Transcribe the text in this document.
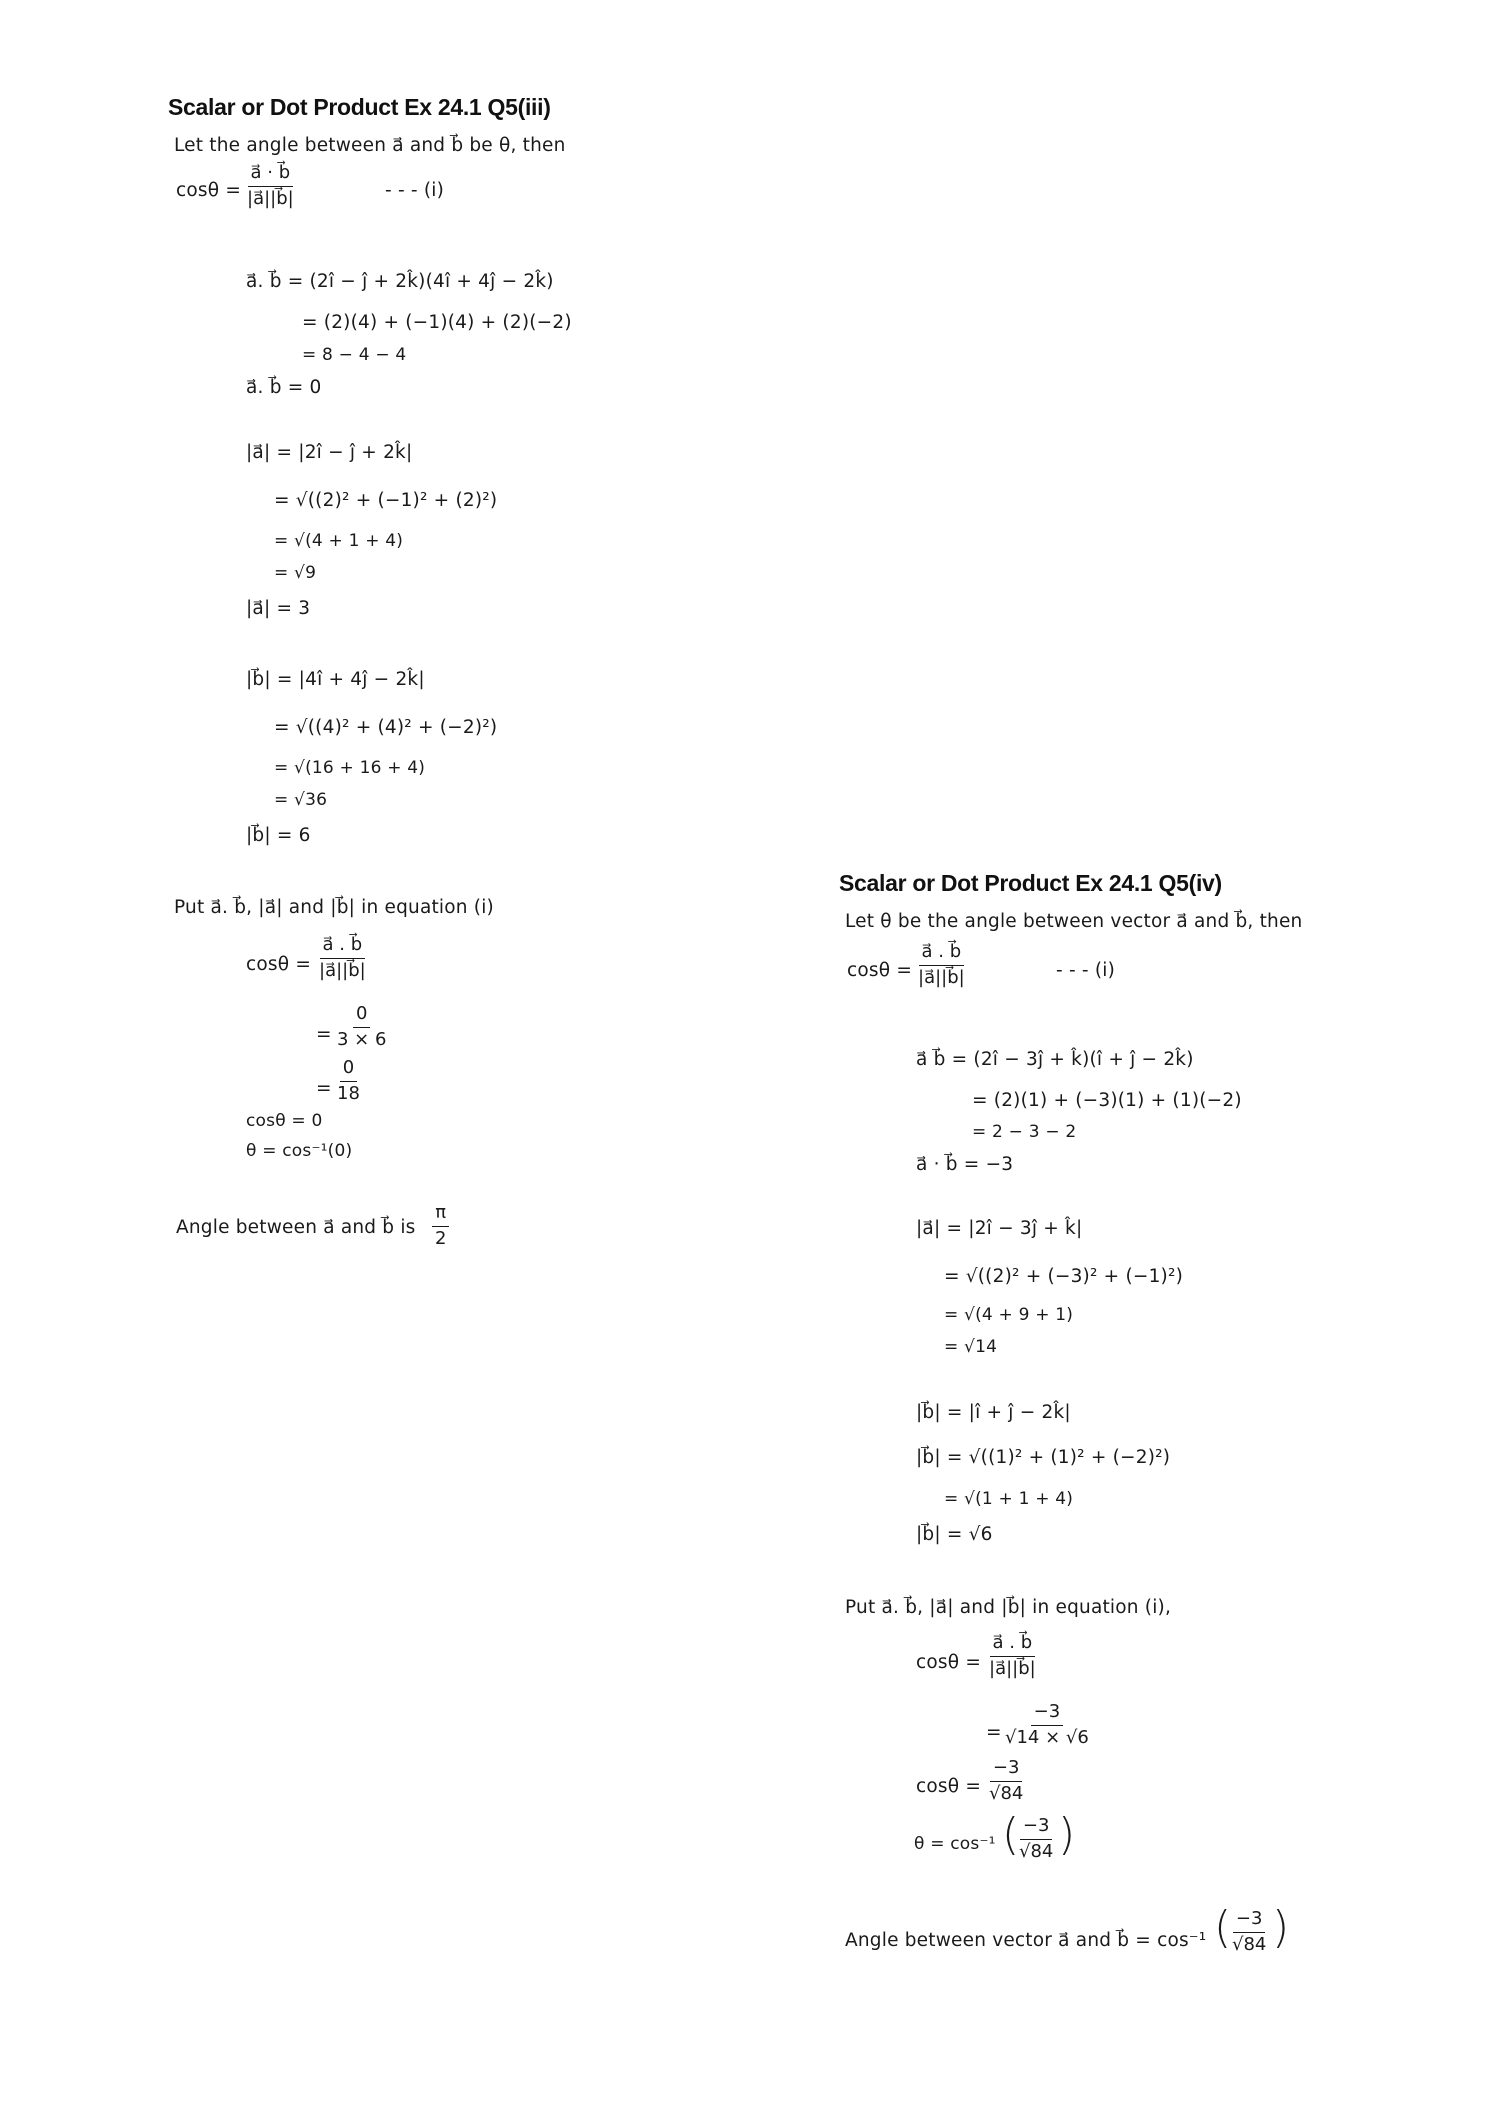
Scalar or Dot Product Ex 24.1 Q5(iii)
Let the angle between a⃗ and b⃗ be θ, then
$\cos\theta = \frac{a⃗ \cdot b⃗}{|a⃗||b⃗|}$	- - - (i)
a⃗. b⃗ = (2î − ĵ + 2k̂)(4î + 4ĵ − 2k̂)
= (2)(4) + (−1)(4) + (2)(−2)
= 8 − 4 − 4
a⃗. b⃗ = 0
|a⃗| = |2î − ĵ + 2k̂|
= √((2)² + (−1)² + (2)²)
= √(4 + 1 + 4)
= √9
|a⃗| = 3
|b⃗| = |4î + 4ĵ − 2k̂|
= √((4)² + (4)² + (−2)²)
= √(16 + 16 + 4)
= √36
|b⃗| = 6
Put a⃗. b⃗, |a⃗| and |b⃗| in equation (i)
$\cos\theta = \frac{a⃗ . b⃗}{|a⃗||b⃗|}$
= $\frac{0}{3 \times 6}$
= $\frac{0}{18}$
cosθ = 0
θ = cos⁻¹(0)
Angle between a⃗ and b⃗ is $\frac{\pi}{2}$
Scalar or Dot Product Ex 24.1 Q5(iv)
Let θ be the angle between vector a⃗ and b⃗, then
$\cos\theta = \frac{a⃗ . b⃗}{|a⃗||b⃗|}$	- - - (i)
a⃗ b⃗ = (2î − 3ĵ + k̂)(î + ĵ − 2k̂)
= (2)(1) + (−3)(1) + (1)(−2)
= 2 − 3 − 2
a⃗ · b⃗ = −3
|a⃗| = |2î − 3ĵ + k̂|
= √((2)² + (−3)² + (−1)²)
= √(4 + 9 + 1)
= √14
|b⃗| = |î + ĵ − 2k̂|
|b⃗| = √((1)² + (1)² + (−2)²)
= √(1 + 1 + 4)
|b⃗| = √6
Put a⃗. b⃗, |a⃗| and |b⃗| in equation (i),
$\cos\theta = \frac{a⃗ . b⃗}{|a⃗||b⃗|}$
= $\frac{-3}{√14 \times √6}$
$\cos\theta = \frac{-3}{√84}$
θ = cos⁻¹ (
$\frac{-3}{√84}$ )
Angle between vector a⃗ and b⃗ = cos⁻¹ (
$\frac{-3}{√84}$ )
